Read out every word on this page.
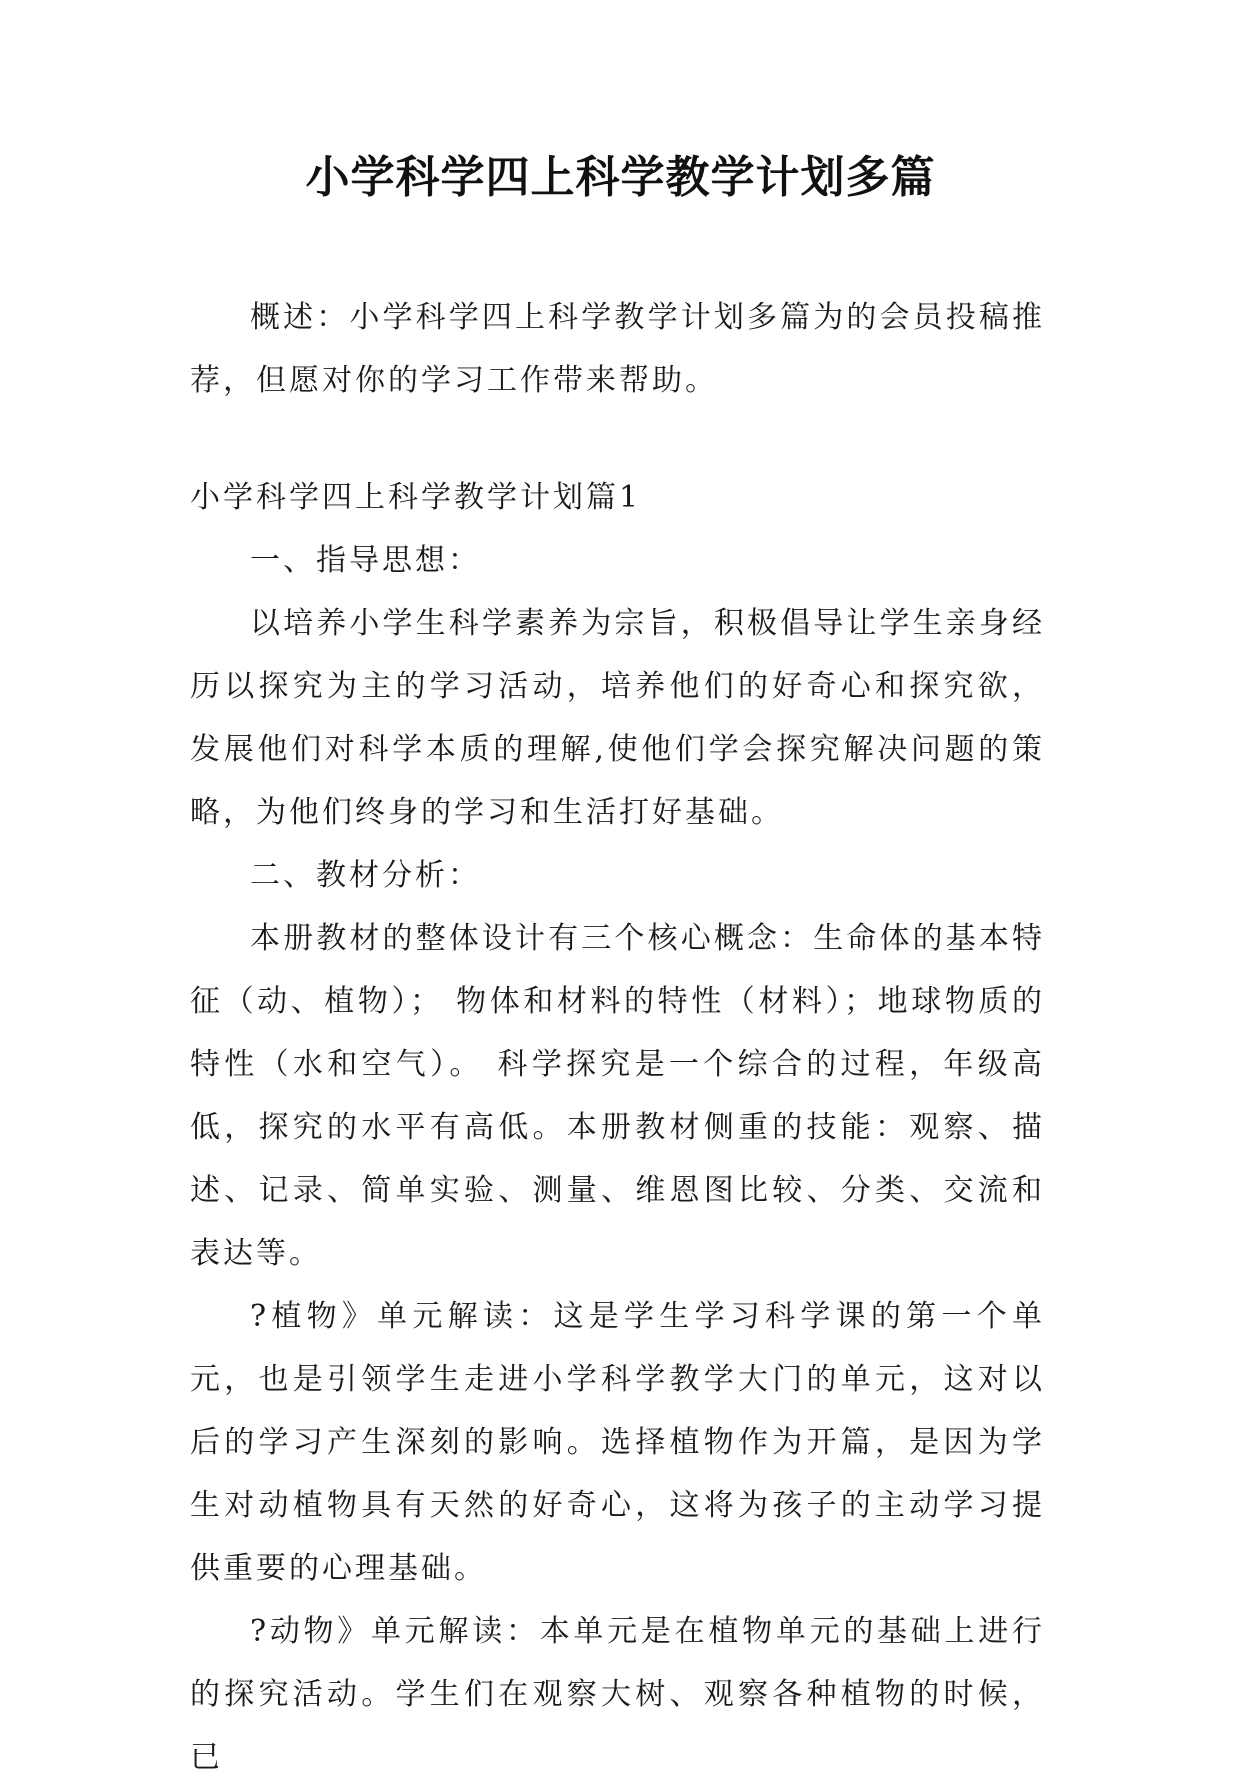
小学科学四上科学教学计划多篇

概述：小学科学四上科学教学计划多篇为的会员投稿推荐，但愿对你的学习工作带来帮助。

小学科学四上科学教学计划篇1

一、指导思想：

以培养小学生科学素养为宗旨，积极倡导让学生亲身经历以探究为主的学习活动，培养他们的好奇心和探究欲，发展他们对科学本质的理解,使他们学会探究解决问题的策略，为他们终身的学习和生活打好基础。

二、教材分析：

本册教材的整体设计有三个核心概念：生命体的基本特征（动、植物）； 物体和材料的特性（材料）；地球物质的特性（水和空气）。 科学探究是一个综合的过程，年级高低，探究的水平有高低。本册教材侧重的技能：观察、描述、记录、简单实验、测量、维恩图比较、分类、交流和表达等。

?植物》单元解读：这是学生学习科学课的第一个单元，也是引领学生走进小学科学教学大门的单元，这对以后的学习产生深刻的影响。选择植物作为开篇，是因为学生对动植物具有天然的好奇心，这将为孩子的主动学习提供重要的心理基础。

?动物》单元解读：本单元是在植物单元的基础上进行的探究活动。学生们在观察大树、观察各种植物的时候，已
